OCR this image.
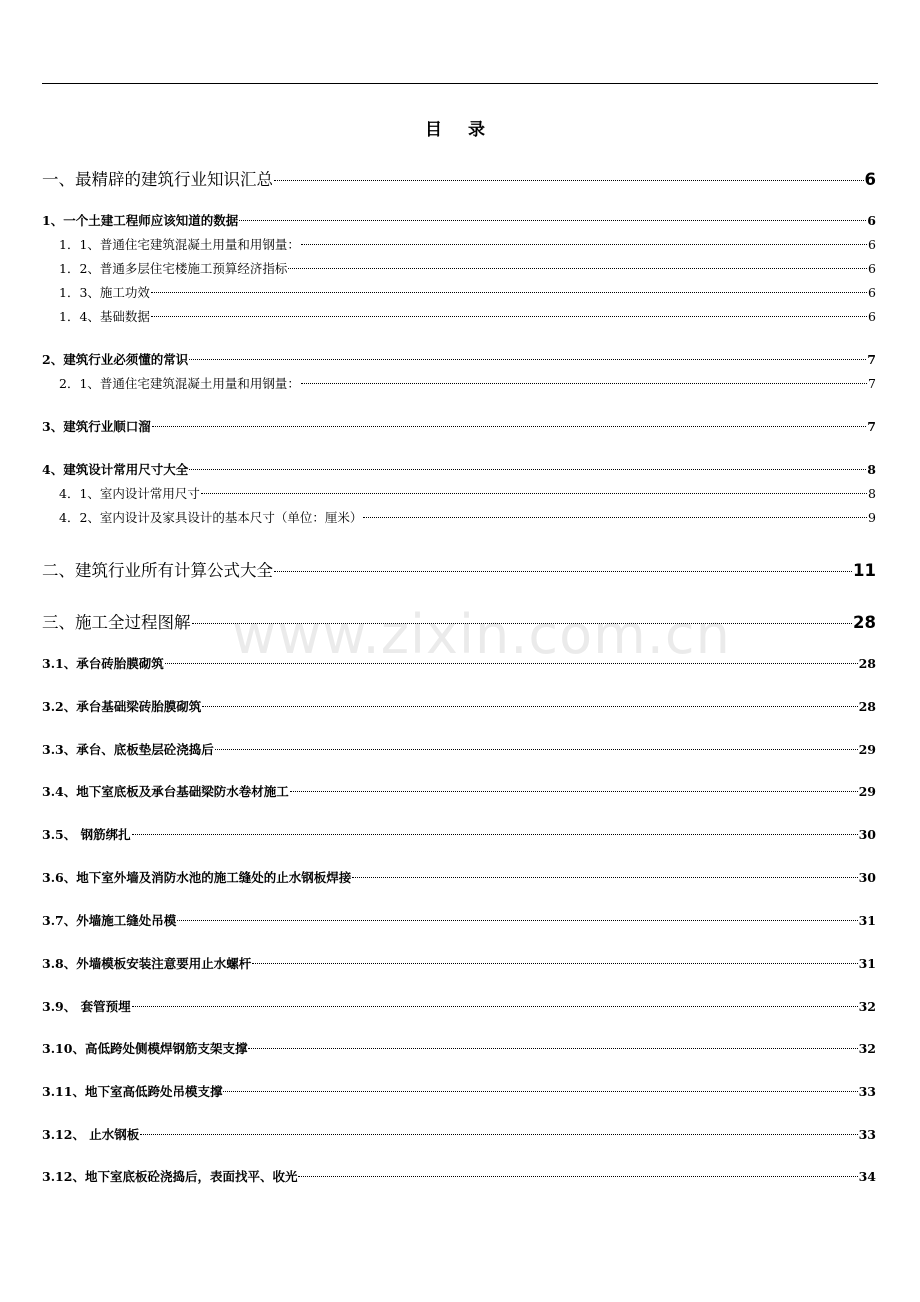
目 录
www.zixin.com.cn
一、最精辟的建筑行业知识汇总	6
1、一个土建工程师应该知道的数据	6
1．1、普通住宅建筑混凝土用量和用钢量：	6
1．2、普通多层住宅楼施工预算经济指标	6
1．3、施工功效	6
1．4、基础数据	6
2、建筑行业必须懂的常识	7
2．1、普通住宅建筑混凝土用量和用钢量：	7
3、建筑行业顺口溜	7
4、建筑设计常用尺寸大全	8
4．1、室内设计常用尺寸	8
4．2、室内设计及家具设计的基本尺寸（单位：厘米）	9
二、建筑行业所有计算公式大全	11
三、施工全过程图解	28
3.1、承台砖胎膜砌筑	28
3.2、承台基础梁砖胎膜砌筑	28
3.3、承台、底板垫层砼浇捣后	29
3.4、地下室底板及承台基础梁防水卷材施工	29
3.5、 钢筋绑扎	30
3.6、地下室外墙及消防水池的施工缝处的止水钢板焊接	30
3.7、外墙施工缝处吊模	31
3.8、外墙模板安装注意要用止水螺杆	31
3.9、 套管预埋	32
3.10、高低跨处侧模焊钢筋支架支撑	32
3.11、地下室高低跨处吊模支撑	33
3.12、 止水钢板	33
3.12、地下室底板砼浇捣后，表面找平、收光	34
